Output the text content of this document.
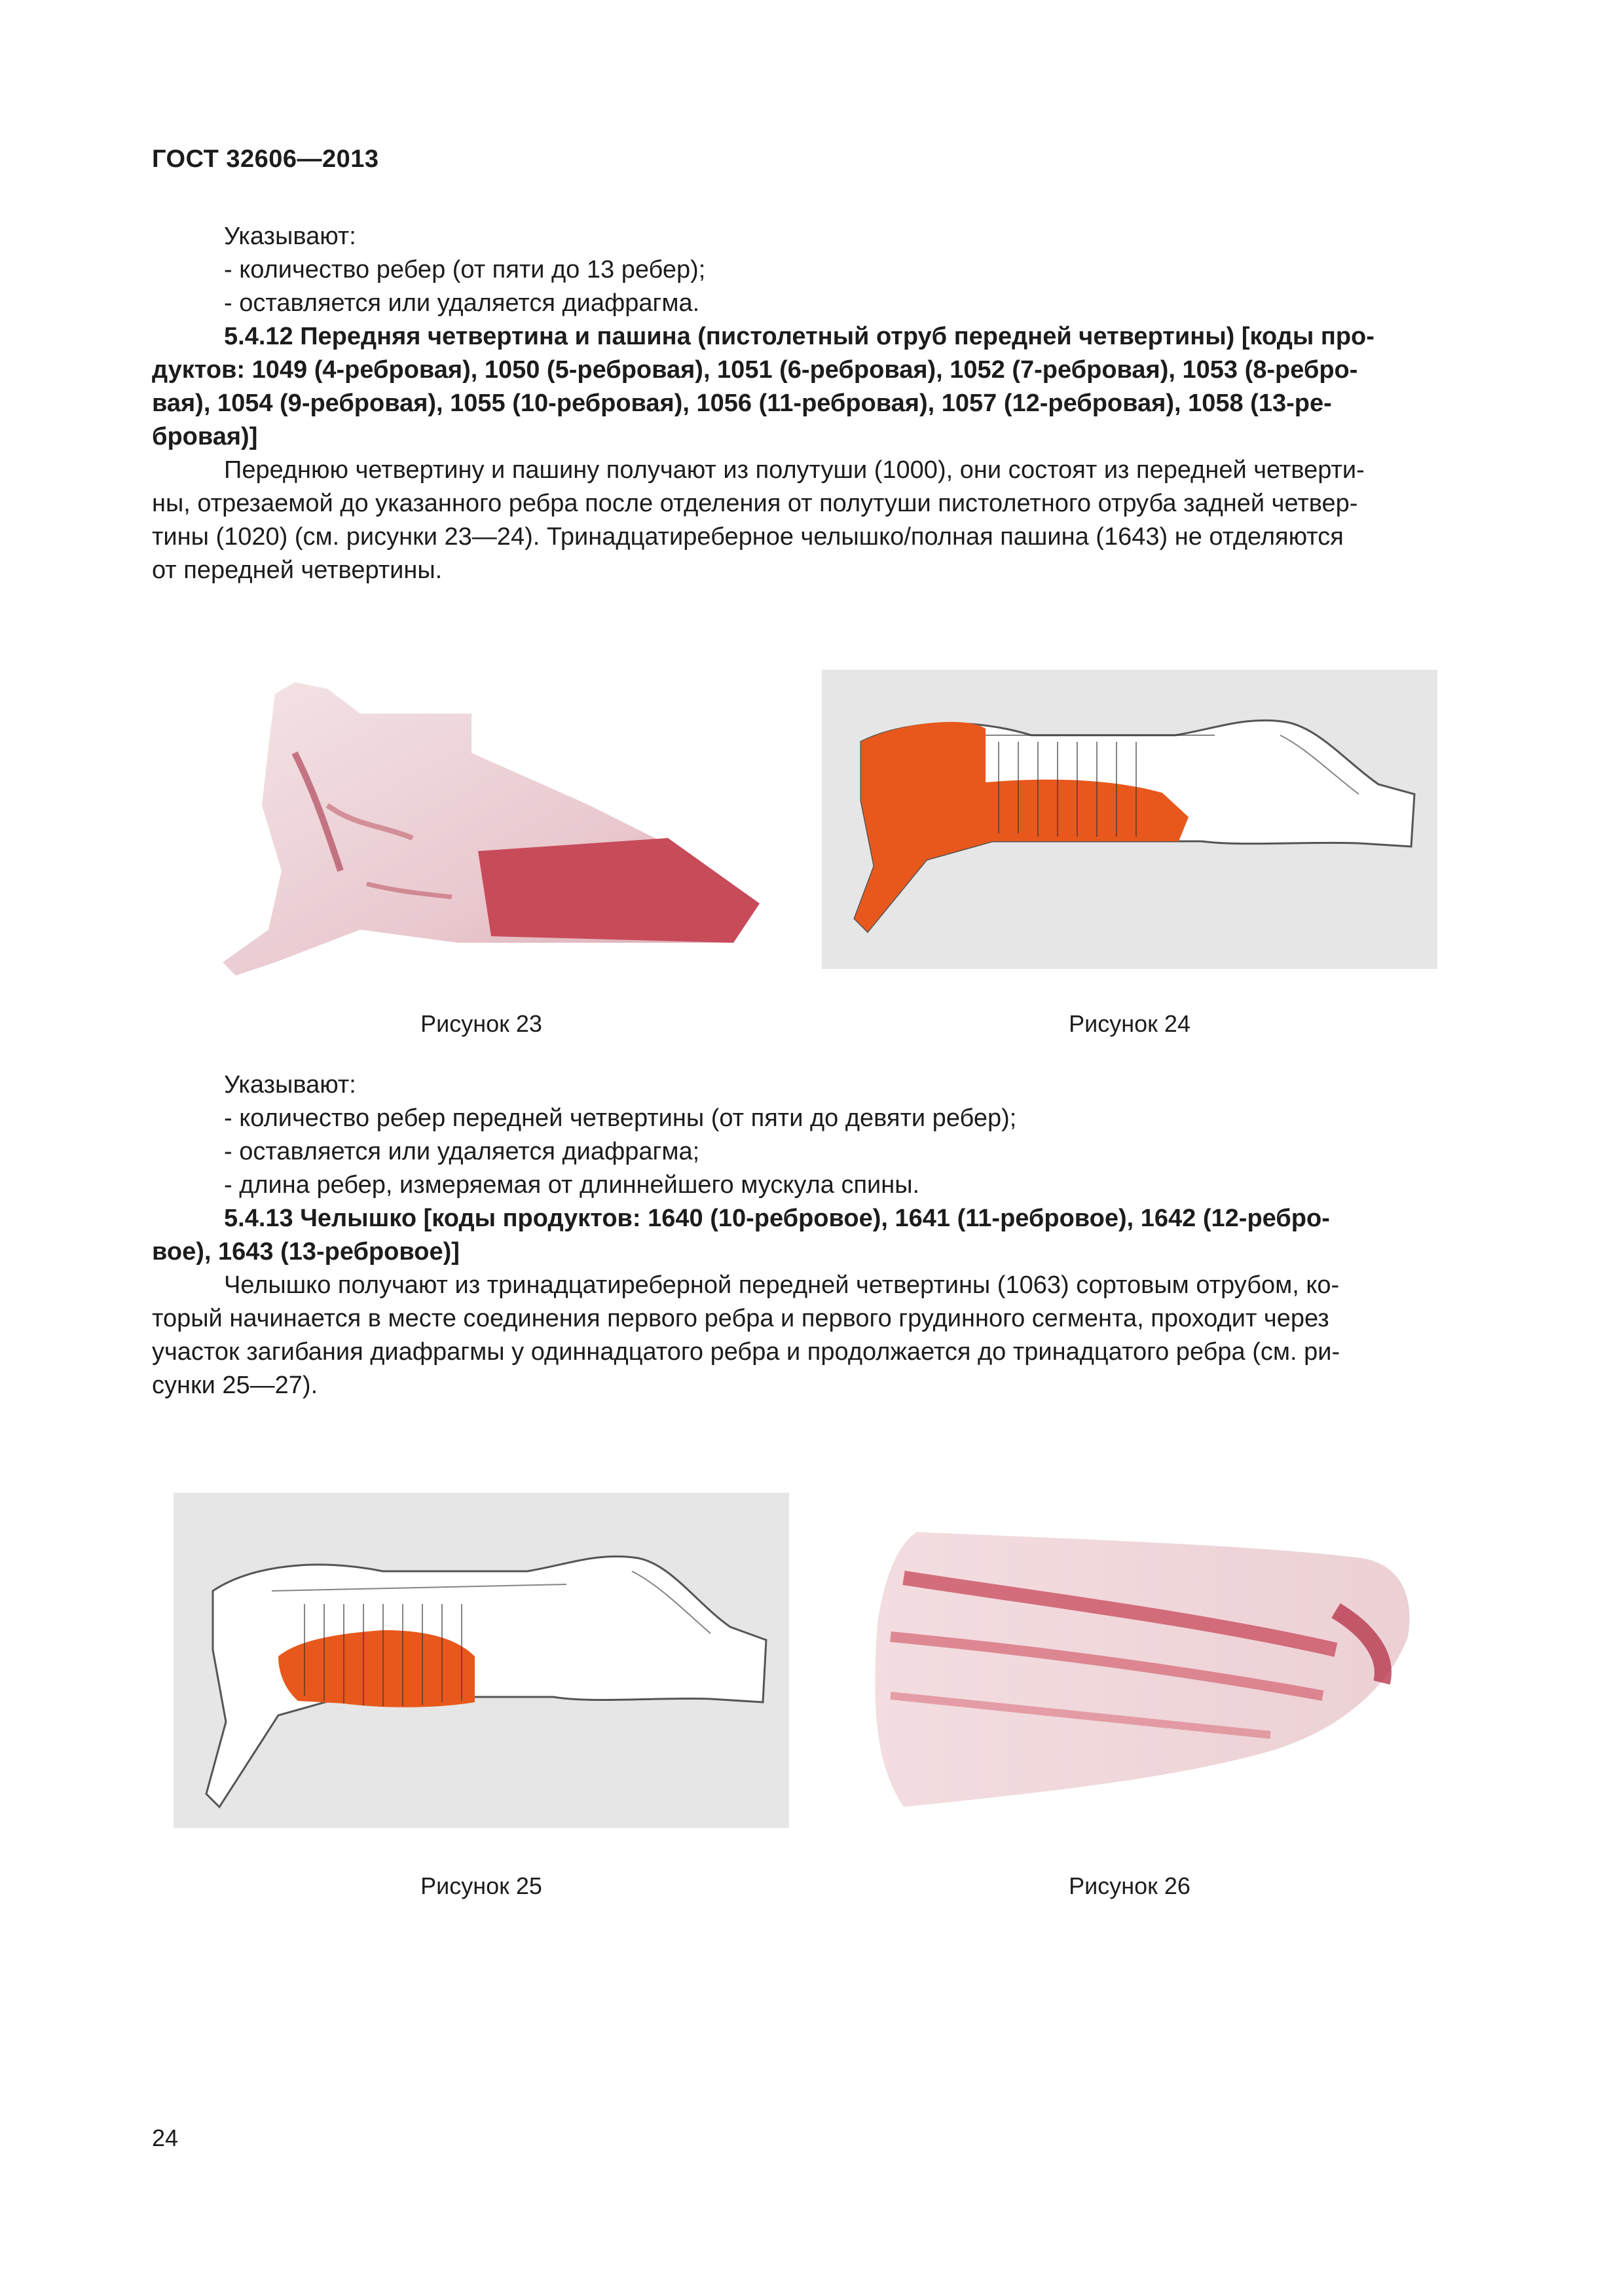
ГОСТ 32606—2013

Указывают:

- количество ребер (от пяти до 13 ребер);

- оставляется или удаляется диафрагма.

5.4.12 Передняя четвертина и пашина (пистолетный отруб передней четвертины) [коды про-

дуктов: 1049 (4-ребровая), 1050 (5-ребровая), 1051 (6-ребровая), 1052 (7-ребровая), 1053 (8-ребро-

вая), 1054 (9-ребровая), 1055 (10-ребровая), 1056 (11-ребровая), 1057 (12-ребровая), 1058 (13-ре-

бровая)]

Переднюю четвертину и пашину получают из полутуши (1000), они состоят из передней четверти-

ны, отрезаемой до указанного ребра после отделения от полутуши пистолетного отруба задней четвер-

тины (1020) (см. рисунки 23—24). Тринадцатиреберное челышко/полная пашина (1643) не отделяются

от передней четвертины.

Рисунок 23	Рисунок 24

Указывают:

- количество ребер передней четвертины (от пяти до девяти ребер);

- оставляется или удаляется диафрагма;

- длина ребер, измеряемая от длиннейшего мускула спины.

5.4.13 Челышко [коды продуктов: 1640 (10-ребровое), 1641 (11-ребровое), 1642 (12-ребро-

вое), 1643 (13-ребровое)]

Челышко получают из тринадцатиреберной передней четвертины (1063) сортовым отрубом, ко-

торый начинается в месте соединения первого ребра и первого грудинного сегмента, проходит через

участок загибания диафрагмы у одиннадцатого ребра и продолжается до тринадцатого ребра (см. ри-

сунки 25—27).

Рисунок 25	Рисунок 26
24
